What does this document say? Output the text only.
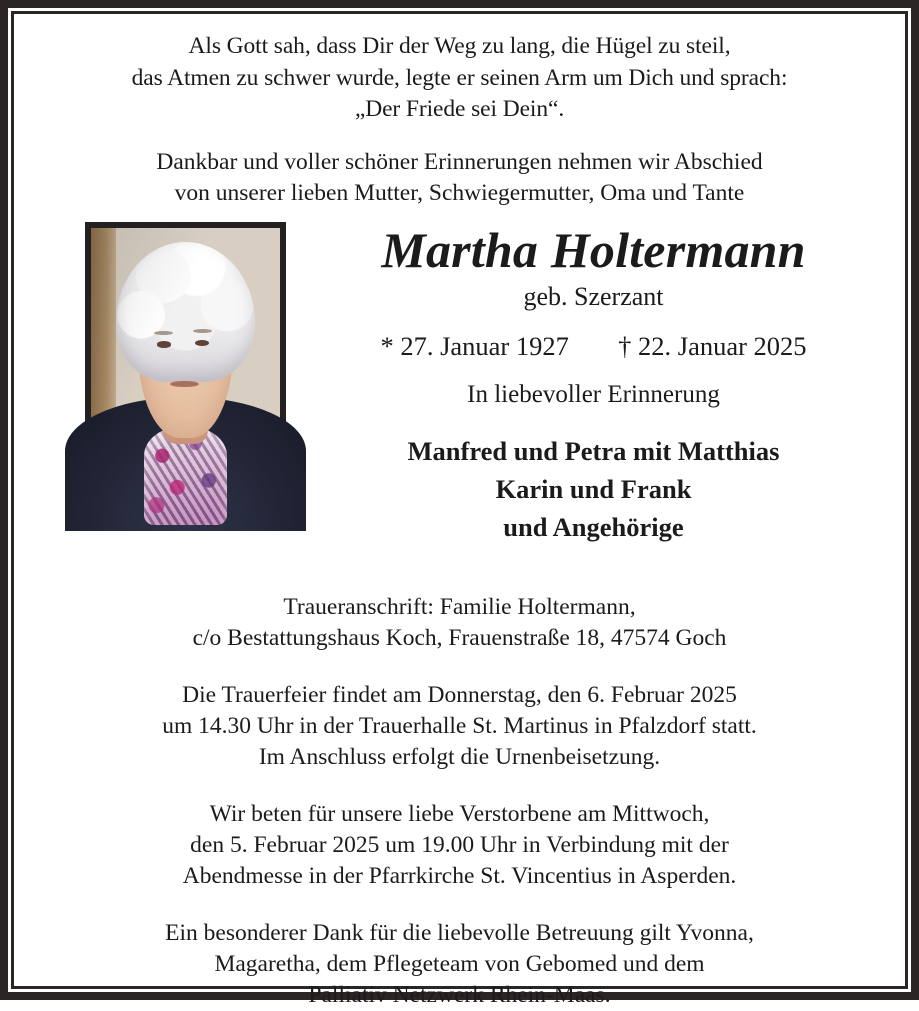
Als Gott sah, dass Dir der Weg zu lang, die Hügel zu steil,
das Atmen zu schwer wurde, legte er seinen Arm um Dich und sprach:
„Der Friede sei Dein“.
Dankbar und voller schöner Erinnerungen nehmen wir Abschied
von unserer lieben Mutter, Schwiegermutter, Oma und Tante
Martha Holtermann
geb. Szerzant
* 27. Januar 1927 † 22. Januar 2025
In liebevoller Erinnerung
Manfred und Petra mit Matthias
Karin und Frank
und Angehörige
Traueranschrift: Familie Holtermann,
c/o Bestattungshaus Koch, Frauenstraße 18, 47574 Goch
Die Trauerfeier findet am Donnerstag, den 6. Februar 2025
um 14.30 Uhr in der Trauerhalle St. Martinus in Pfalzdorf statt.
Im Anschluss erfolgt die Urnenbeisetzung.
Wir beten für unsere liebe Verstorbene am Mittwoch,
den 5. Februar 2025 um 19.00 Uhr in Verbindung mit der
Abendmesse in der Pfarrkirche St. Vincentius in Asperden.
Ein besonderer Dank für die liebevolle Betreuung gilt Yvonna,
Magaretha, dem Pflegeteam von Gebomed und dem
Palliativ Netzwerk Rhein-Maas.
